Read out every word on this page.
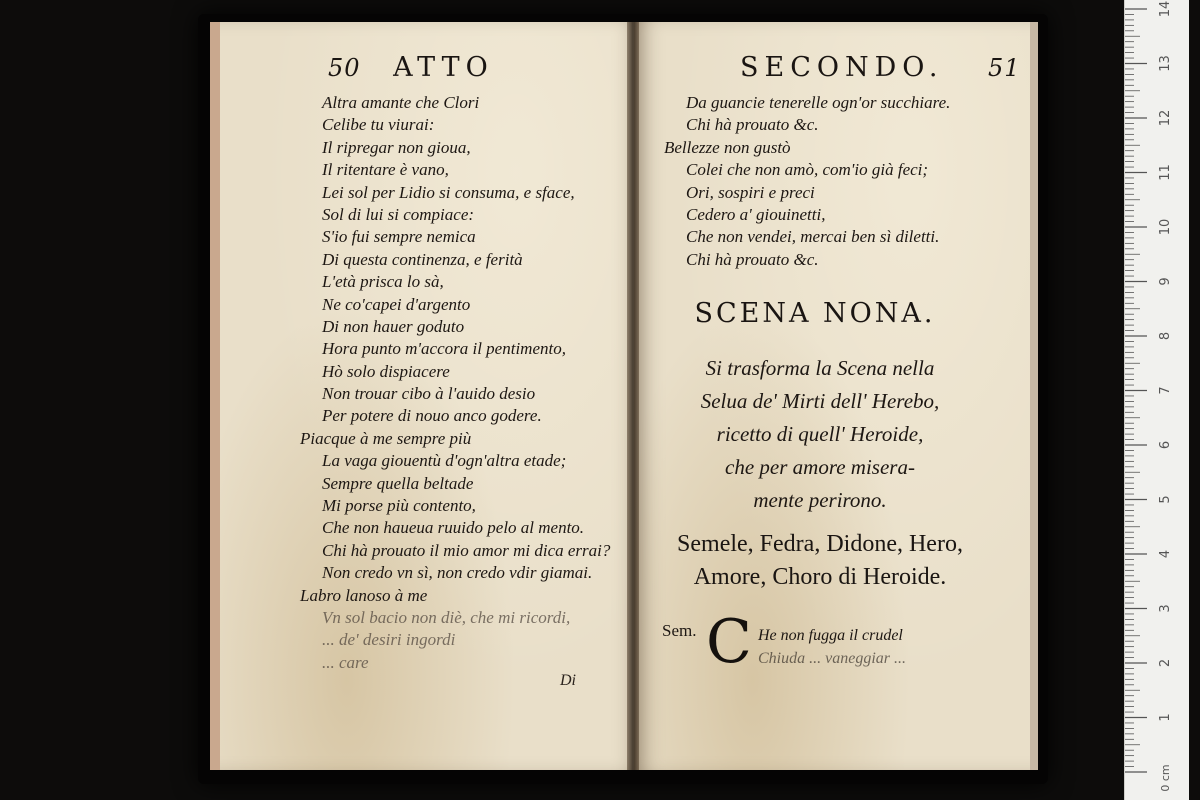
50 ATTO
Altra amante che Clori
Celibe tu viurai:
Il ripregar non gioua,
Il ritentare è vano,
Lei sol per Lidio si consuma, e sface,
Sol di lui si compiace:
S'io fui sempre nemica
Di questa continenza, e ferità
L'età prisca lo sà,
Ne co'capei d'argento
Di non hauer goduto
Hora punto m'accora il pentimento,
Hò solo dispiacere
Non trouar cibo à l'auido desio
Per potere di nouo anco godere.
Piacque à me sempre più
La vaga giouentù d'ogn'altra etade;
Sempre quella beltade
Mi porse più contento,
Che non haueua ruuido pelo al mento.
Chi hà prouato il mio amor mi dica errai?
Non credo vn sì, non credo vdir giamai.
Labro lanoso à me
Vn sol bacio non diè, che mi ricordi,
... de' desiri ingordi
... care
Di
SECONDO. 51
Da guancie tenerelle ogn'or succhiare.
Chi hà prouato &c.
Bellezze non gustò
Colei che non amò, com'io già feci;
Ori, sospiri e preci
Cedero a' giouinetti,
Che non vendei, mercai ben sì diletti.
Chi hà prouato &c.
SCENA NONA.
Si trasforma la Scena nella
Selua de' Mirti dell' Herebo,
ricetto di quell' Heroide,
che per amore misera-
mente perirono.
Semele, Fedra, Didone, Hero,
Amore, Choro di Heroide.
Sem. C He non fugga il crudel
Chiuda ... vaneggiar ...
1
2
3
4
5
6
7
8
9
10
11
12
13
14
0 cm
